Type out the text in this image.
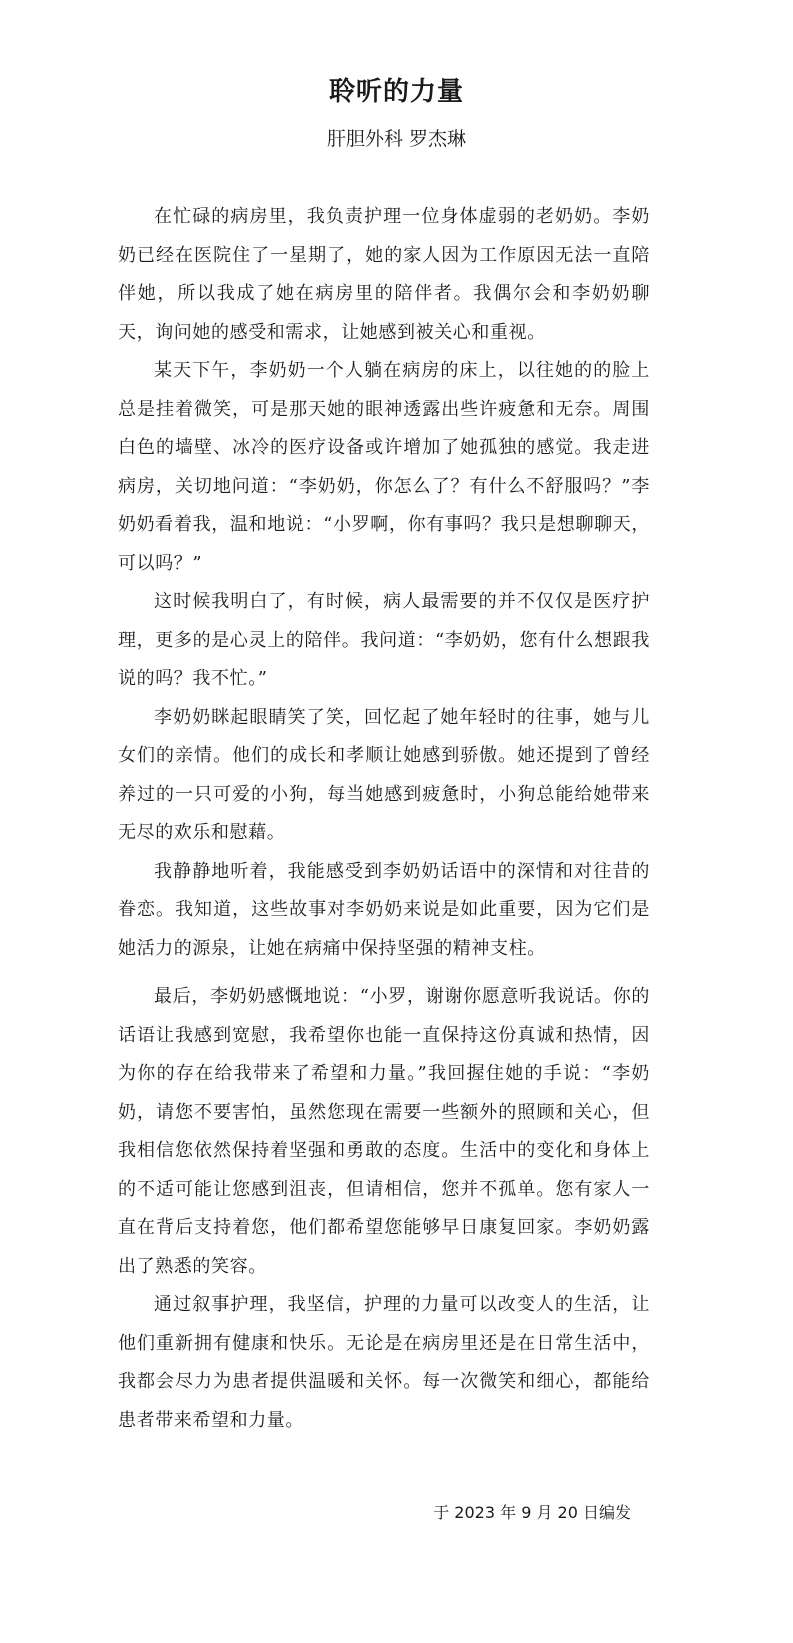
聆听的力量

肝胆外科 罗杰琳

在忙碌的病房里，我负责护理一位身体虚弱的老奶奶。李奶奶已经在医院住了一星期了，她的家人因为工作原因无法一直陪伴她，所以我成了她在病房里的陪伴者。我偶尔会和李奶奶聊天，询问她的感受和需求，让她感到被关心和重视。

某天下午，李奶奶一个人躺在病房的床上，以往她的的脸上总是挂着微笑，可是那天她的眼神透露出些许疲惫和无奈。周围白色的墙壁、冰冷的医疗设备或许增加了她孤独的感觉。我走进病房，关切地问道：“李奶奶，你怎么了？有什么不舒服吗？”李奶奶看着我，温和地说：“小罗啊，你有事吗？我只是想聊聊天，可以吗？”

这时候我明白了，有时候，病人最需要的并不仅仅是医疗护理，更多的是心灵上的陪伴。我问道：“李奶奶，您有什么想跟我说的吗？我不忙。”

李奶奶眯起眼睛笑了笑，回忆起了她年轻时的往事，她与儿女们的亲情。他们的成长和孝顺让她感到骄傲。她还提到了曾经养过的一只可爱的小狗，每当她感到疲惫时，小狗总能给她带来无尽的欢乐和慰藉。

我静静地听着，我能感受到李奶奶话语中的深情和对往昔的眷恋。我知道，这些故事对李奶奶来说是如此重要，因为它们是她活力的源泉，让她在病痛中保持坚强的精神支柱。

最后，李奶奶感慨地说：“小罗，谢谢你愿意听我说话。你的话语让我感到宽慰，我希望你也能一直保持这份真诚和热情，因为你的存在给我带来了希望和力量。”我回握住她的手说：“李奶奶，请您不要害怕，虽然您现在需要一些额外的照顾和关心，但我相信您依然保持着坚强和勇敢的态度。生活中的变化和身体上的不适可能让您感到沮丧，但请相信，您并不孤单。您有家人一直在背后支持着您，他们都希望您能够早日康复回家。李奶奶露出了熟悉的笑容。

通过叙事护理，我坚信，护理的力量可以改变人的生活，让他们重新拥有健康和快乐。无论是在病房里还是在日常生活中，我都会尽力为患者提供温暖和关怀。每一次微笑和细心，都能给患者带来希望和力量。

于 2023 年 9 月 20 日编发
